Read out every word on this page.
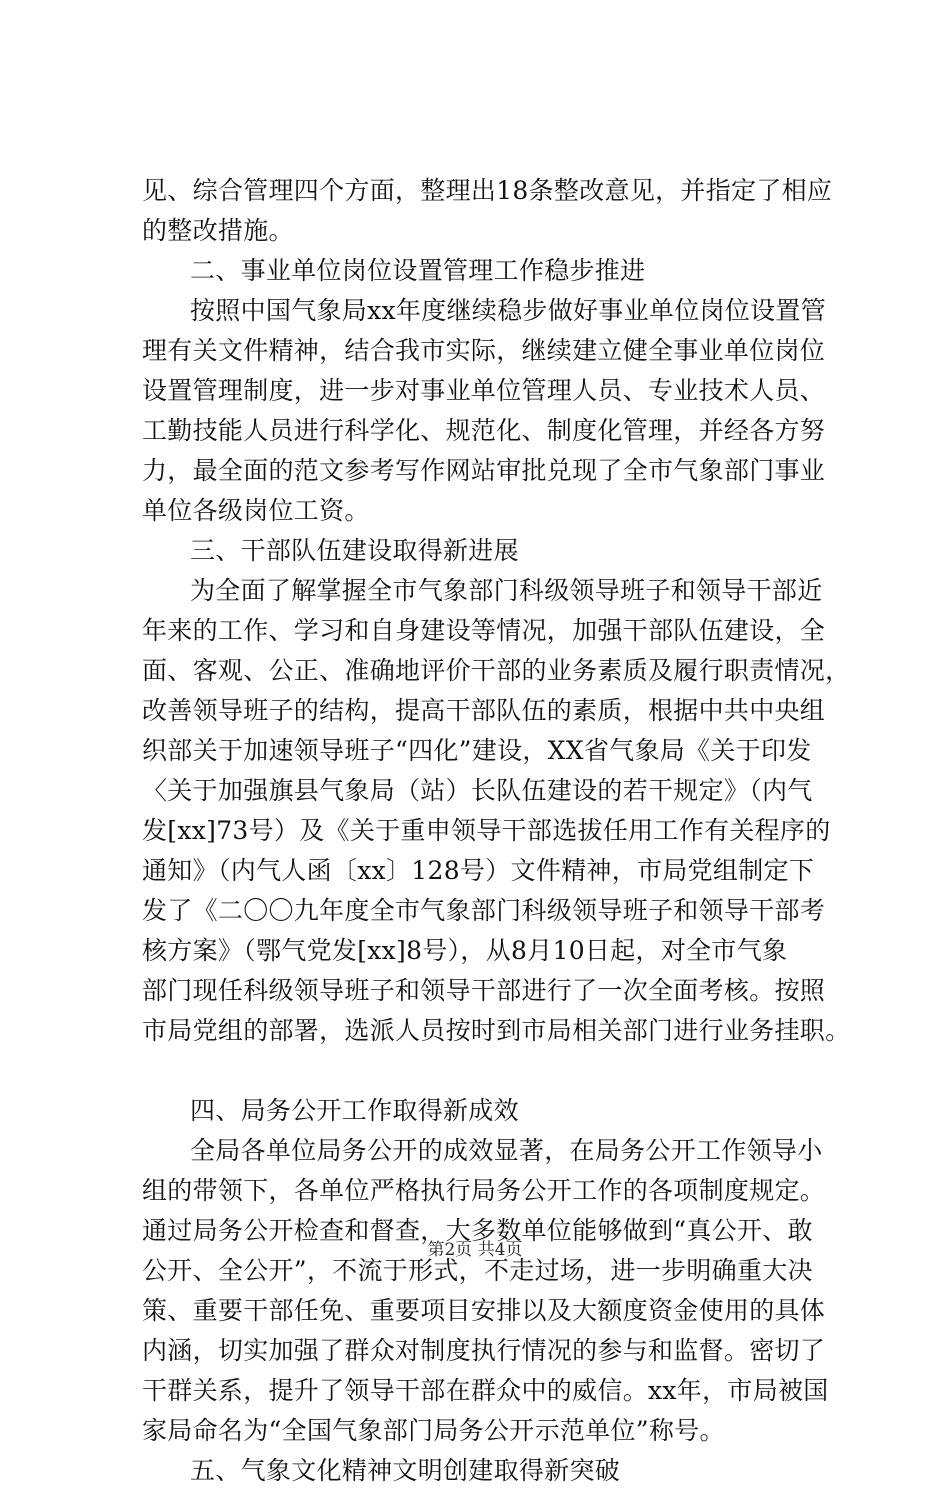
见、综合管理四个方面，整理出18条整改意见，并指定了相应
的整改措施。
二、事业单位岗位设置管理工作稳步推进
按照中国气象局xx年度继续稳步做好事业单位岗位设置管
理有关文件精神，结合我市实际，继续建立健全事业单位岗位
设置管理制度，进一步对事业单位管理人员、专业技术人员、
工勤技能人员进行科学化、规范化、制度化管理，并经各方努
力，最全面的范文参考写作网站审批兑现了全市气象部门事业
单位各级岗位工资。
三、干部队伍建设取得新进展
为全面了解掌握全市气象部门科级领导班子和领导干部近
年来的工作、学习和自身建设等情况，加强干部队伍建设，全
面、客观、公正、准确地评价干部的业务素质及履行职责情况，
改善领导班子的结构，提高干部队伍的素质，根据中共中央组
织部关于加速领导班子“四化”建设，XX省气象局《关于印发
〈关于加强旗县气象局（站）长队伍建设的若干规定》（内气
发[xx]73号）及《关于重申领导干部选拔任用工作有关程序的
通知》（内气人函〔xx〕128号）文件精神，市局党组制定下
发了《二〇〇九年度全市气象部门科级领导班子和领导干部考
核方案》（鄂气党发[xx]8号），从8月10日起，对全市气象
部门现任科级领导班子和领导干部进行了一次全面考核。按照
市局党组的部署，选派人员按时到市局相关部门进行业务挂职。
四、局务公开工作取得新成效
全局各单位局务公开的成效显著，在局务公开工作领导小
组的带领下，各单位严格执行局务公开工作的各项制度规定。
通过局务公开检查和督查，大多数单位能够做到“真公开、敢
公开、全公开”，不流于形式，不走过场，进一步明确重大决
策、重要干部任免、重要项目安排以及大额度资金使用的具体
内涵，切实加强了群众对制度执行情况的参与和监督。密切了
干群关系，提升了领导干部在群众中的威信。xx年，市局被国
家局命名为“全国气象部门局务公开示范单位”称号。
五、气象文化精神文明创建取得新突破
第2页 共4页
